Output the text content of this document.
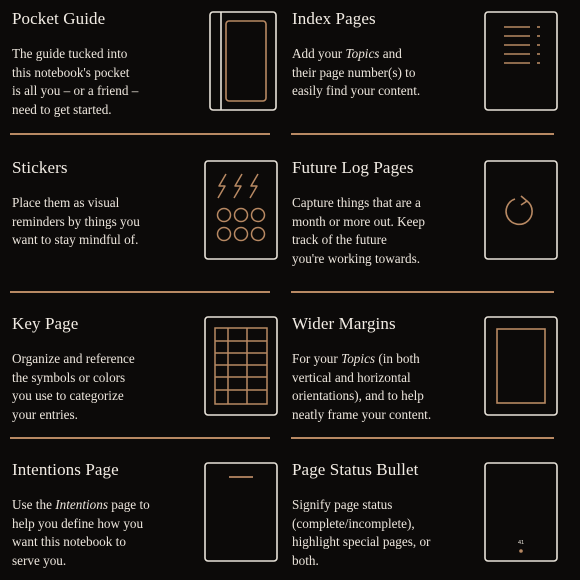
Pocket Guide
The guide tucked into
this notebook's pocket
is all you – or a friend –
need to get started.
Index Pages
Add your Topics and
their page number(s) to
easily find your content.
Stickers
Place them as visual
reminders by things you
want to stay mindful of.
Future Log Pages
Capture things that are a
month or more out. Keep
track of the future
you're working towards.
Key Page
Organize and reference
the symbols or colors
you use to categorize
your entries.
Wider Margins
For your Topics (in both
vertical and horizontal
orientations), and to help
neatly frame your content.
Intentions Page
Use the Intentions page to
help you define how you
want this notebook to
serve you.
Page Status Bullet
Signify page status
(complete/incomplete),
highlight special pages, or
both.
41
